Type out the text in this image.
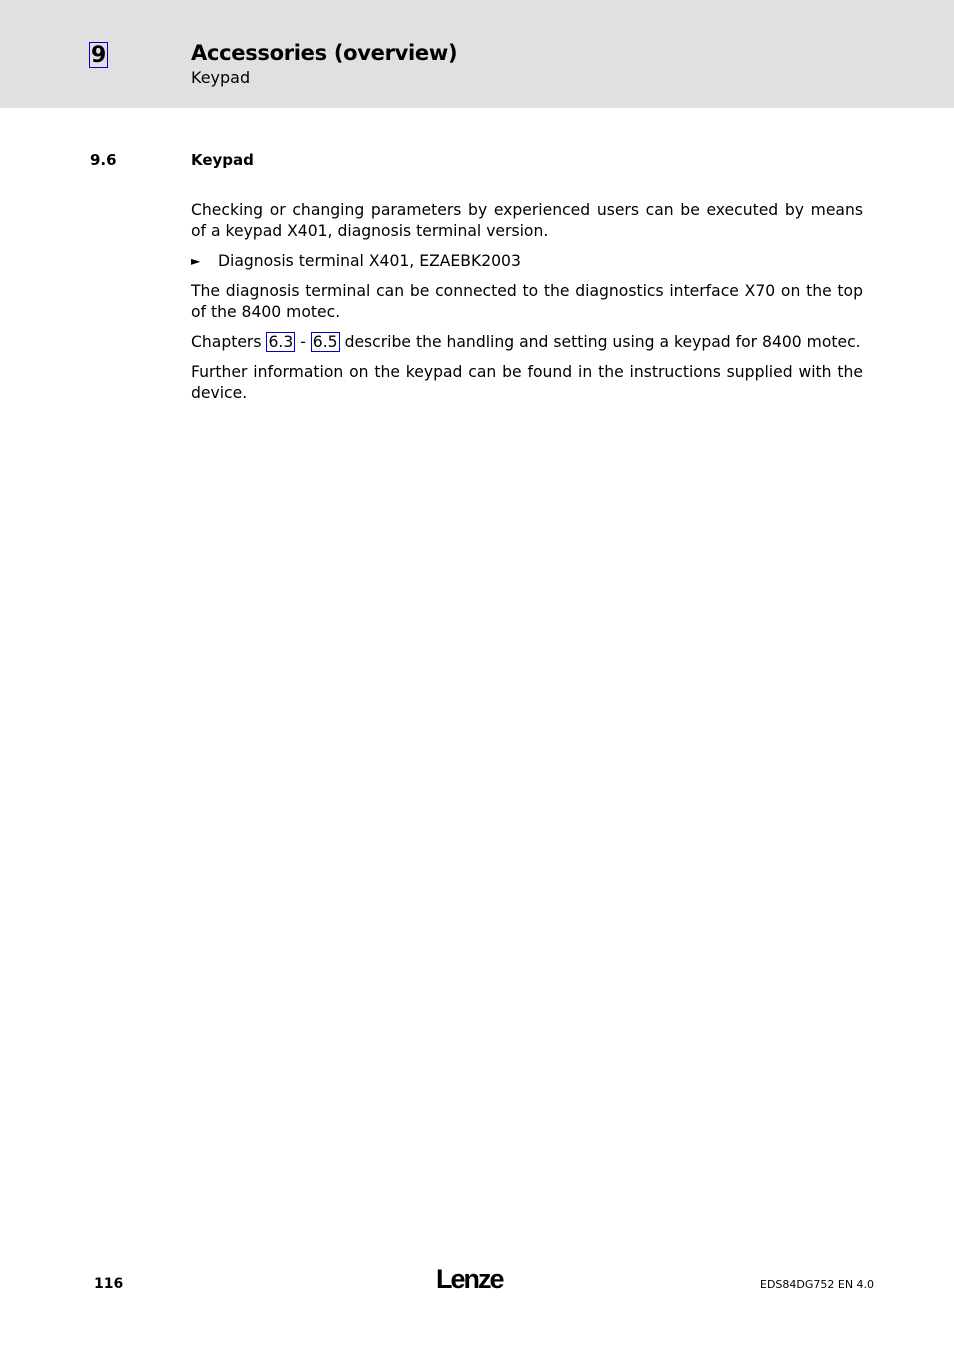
9	Accessories (overview)
Keypad
9.6	Keypad

Checking or changing parameters by experienced users can be executed by means of a keypad X401, diagnosis terminal version.

►	Diagnosis terminal X401, EZAEBK2003

The diagnosis terminal can be connected to the diagnostics interface X70 on the top of the 8400 motec.

Chapters 6.3 - 6.5 describe the handling and setting using a keypad for 8400 motec.

Further information on the keypad can be found in the instructions supplied with the device.

116	Lenze	EDS84DG752 EN 4.0
